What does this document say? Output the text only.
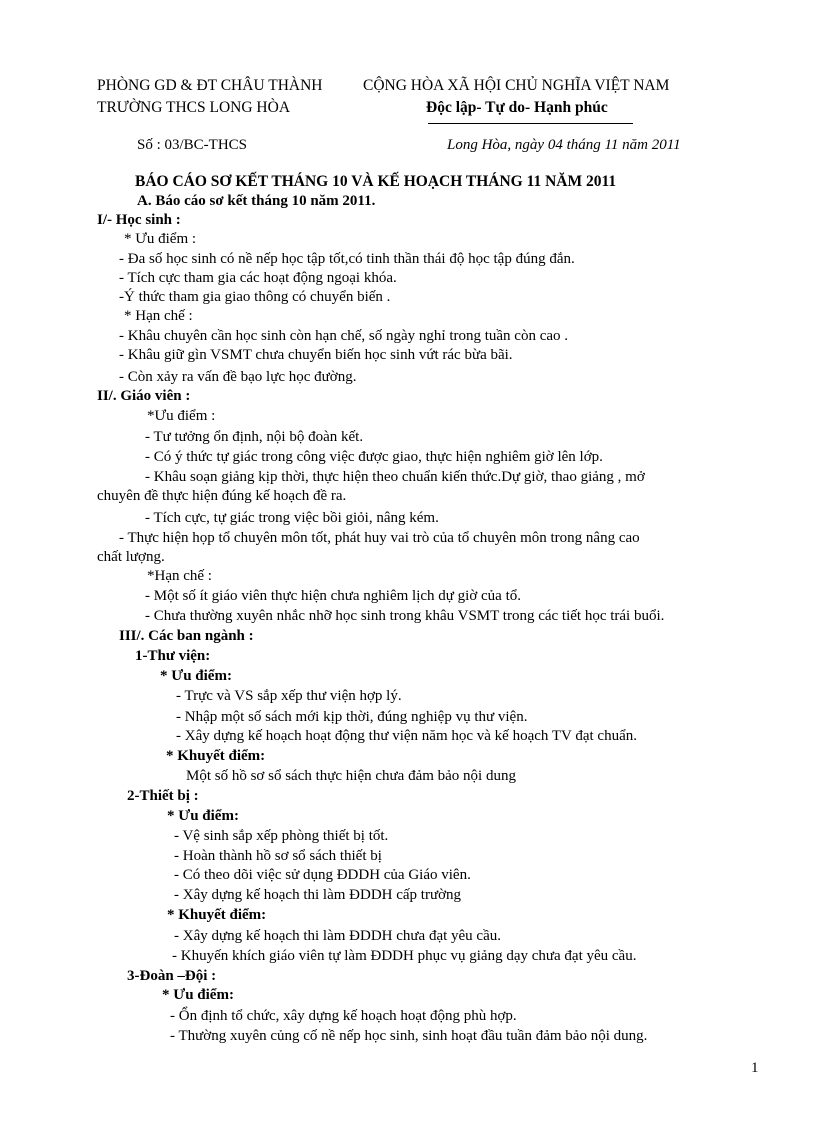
PHÒNG GD & ĐT CHÂU THÀNH
TRƯỜNG THCS LONG HÒA
CỘNG HÒA XÃ HỘI CHỦ NGHĨA VIỆT NAM
Độc lập- Tự do- Hạnh phúc
Số : 03/BC-THCS	Long Hòa, ngày 04 tháng 11 năm 2011
BÁO CÁO SƠ KẾT THÁNG 10 VÀ KẾ HOẠCH THÁNG 11 NĂM 2011
A. Báo cáo sơ kết tháng 10 năm 2011.
I/- Học sinh :
* Ưu điểm :
- Đa số học sinh có nề nếp học tập tốt,có tinh thần thái độ học tập đúng đắn.
- Tích cực tham gia các hoạt động ngoại khóa.
-Ý thức tham gia giao thông có chuyển biến .
* Hạn chế :
- Khâu chuyên cần học sinh còn hạn chế, số ngày nghỉ trong tuần còn cao .
- Khâu giữ gìn VSMT chưa chuyển biến học sinh vứt rác bừa bãi.
- Còn xảy ra vấn đề bạo lực học đường.
II/. Giáo viên :
*Ưu điểm :
- Tư tưởng ổn định, nội bộ đoàn kết.
- Có ý thức tự giác trong công việc được giao, thực hiện nghiêm giờ lên lớp.
- Khâu soạn giảng kịp thời, thực hiện theo chuẩn kiến thức.Dự giờ, thao giảng , mở
chuyên đề thực hiện đúng kế hoạch đề ra.
- Tích cực, tự giác trong việc bồi giỏi, nâng kém.
- Thực hiện họp tổ chuyên môn tốt, phát huy vai trò của tổ chuyên môn trong nâng cao
chất lượng.
*Hạn chế :
- Một số ít giáo viên thực hiện chưa nghiêm lịch dự giờ của tổ.
- Chưa thường xuyên nhắc nhỡ học sinh trong khâu VSMT trong các tiết học trái buổi.
III/. Các ban ngành :
1-Thư viện:
* Ưu điểm:
- Trực và VS sắp xếp thư viện hợp lý.
- Nhập một số sách mới kịp thời, đúng nghiệp vụ thư viện.
- Xây dựng kế hoạch hoạt động thư viện năm học và kế hoạch TV đạt chuẩn.
* Khuyết điểm:
Một số hồ sơ sổ sách thực hiện chưa đảm bảo nội dung
2-Thiết bị :
* Ưu điểm:
- Vệ sinh sắp xếp phòng thiết bị tốt.
- Hoàn thành hồ sơ sổ sách thiết bị
- Có theo dõi việc sử dụng ĐDDH của Giáo viên.
- Xây dựng kế hoạch thi làm ĐDDH cấp trường
* Khuyết điểm:
- Xây dựng kế hoạch thi làm ĐDDH chưa đạt yêu cầu.
- Khuyến khích giáo viên tự làm ĐDDH phục vụ giảng dạy chưa đạt yêu cầu.
3-Đoàn –Đội :
* Ưu điểm:
- Ổn định tổ chức, xây dựng kế hoạch hoạt động phù hợp.
- Thường xuyên củng cố nề nếp học sinh, sinh hoạt đầu tuần đảm bảo nội dung.
1
